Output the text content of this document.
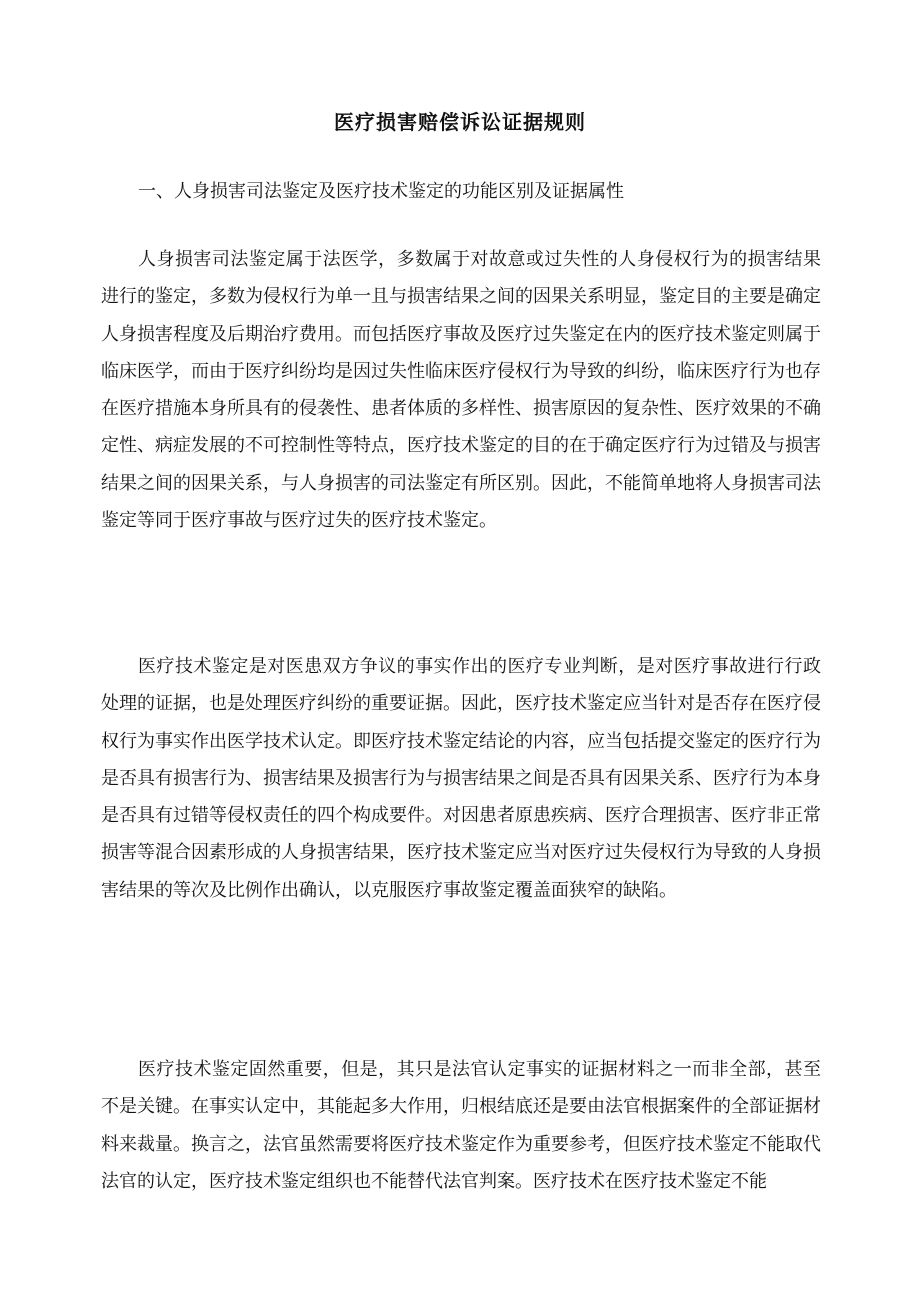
医疗损害赔偿诉讼证据规则
一、人身损害司法鉴定及医疗技术鉴定的功能区别及证据属性

人身损害司法鉴定属于法医学，多数属于对故意或过失性的人身侵权行为的损害结果进行的鉴定，多数为侵权行为单一且与损害结果之间的因果关系明显，鉴定目的主要是确定人身损害程度及后期治疗费用。而包括医疗事故及医疗过失鉴定在内的医疗技术鉴定则属于临床医学，而由于医疗纠纷均是因过失性临床医疗侵权行为导致的纠纷，临床医疗行为也存在医疗措施本身所具有的侵袭性、患者体质的多样性、损害原因的复杂性、医疗效果的不确定性、病症发展的不可控制性等特点，医疗技术鉴定的目的在于确定医疗行为过错及与损害结果之间的因果关系，与人身损害的司法鉴定有所区别。因此，不能简单地将人身损害司法鉴定等同于医疗事故与医疗过失的医疗技术鉴定。

医疗技术鉴定是对医患双方争议的事实作出的医疗专业判断，是对医疗事故进行行政处理的证据，也是处理医疗纠纷的重要证据。因此，医疗技术鉴定应当针对是否存在医疗侵权行为事实作出医学技术认定。即医疗技术鉴定结论的内容，应当包括提交鉴定的医疗行为是否具有损害行为、损害结果及损害行为与损害结果之间是否具有因果关系、医疗行为本身是否具有过错等侵权责任的四个构成要件。对因患者原患疾病、医疗合理损害、医疗非正常损害等混合因素形成的人身损害结果，医疗技术鉴定应当对医疗过失侵权行为导致的人身损害结果的等次及比例作出确认，以克服医疗事故鉴定覆盖面狭窄的缺陷。

医疗技术鉴定固然重要，但是，其只是法官认定事实的证据材料之一而非全部，甚至不是关键。在事实认定中，其能起多大作用，归根结底还是要由法官根据案件的全部证据材料来裁量。换言之，法官虽然需要将医疗技术鉴定作为重要参考，但医疗技术鉴定不能取代法官的认定，医疗技术鉴定组织也不能替代法官判案。医疗技术在医疗技术鉴定不能
